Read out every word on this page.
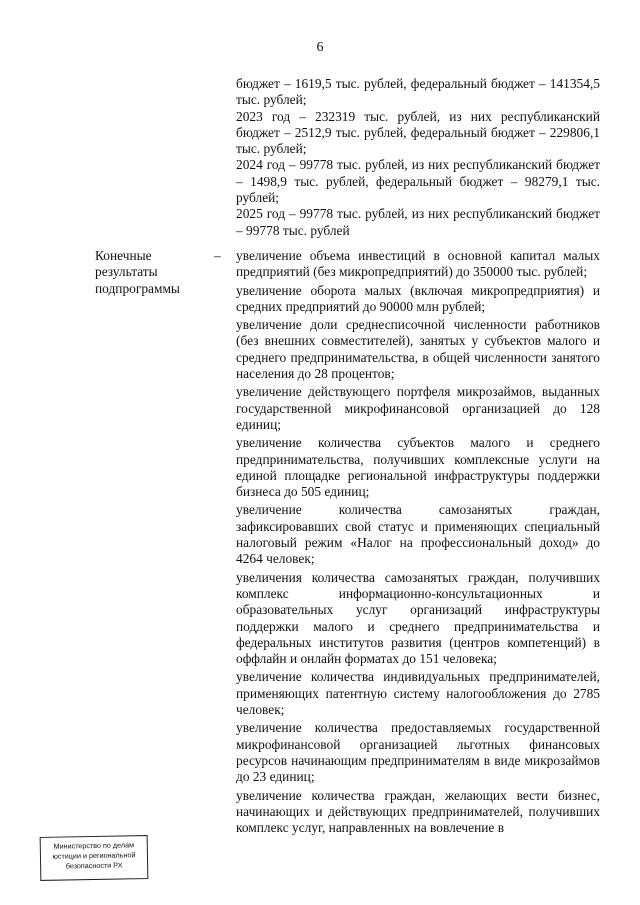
6
бюджет – 1619,5 тыс. рублей, федеральный бюджет – 141354,5 тыс. рублей;
2023 год – 232319 тыс. рублей, из них республиканский бюджет – 2512,9 тыс. рублей, федеральный бюджет – 229806,1 тыс. рублей;
2024 год – 99778 тыс. рублей, из них республиканский бюджет – 1498,9 тыс. рублей, федеральный бюджет – 98279,1 тыс. рублей;
2025 год – 99778 тыс. рублей, из них республиканский бюджет – 99778 тыс. рублей
Конечные
результаты
подпрограммы
– увеличение объема инвестиций в основной капитал малых предприятий (без микропредприятий) до 350000 тыс. рублей;

увеличение оборота малых (включая микропредприятия) и средних предприятий до 90000 млн рублей;

увеличение доли среднесписочной численности работников (без внешних совместителей), занятых у субъектов малого и среднего предпринимательства, в общей численности занятого населения до 28 процентов;

увеличение действующего портфеля микрозаймов, выданных государственной микрофинансовой организацией до 128 единиц;

увеличение количества субъектов малого и среднего предпринимательства, получивших комплексные услуги на единой площадке региональной инфраструктуры поддержки бизнеса до 505 единиц;

увеличение количества самозанятых граждан, зафиксировавших свой статус и применяющих специальный налоговый режим «Налог на профессиональный доход» до 4264 человек;

увеличения количества самозанятых граждан, получивших комплекс информационно-консультационных и образовательных услуг организаций инфраструктуры поддержки малого и среднего предпринимательства и федеральных институтов развития (центров компетенций) в оффлайн и онлайн форматах до 151 человека;

увеличение количества индивидуальных предпринимателей, применяющих патентную систему налогообложения до 2785 человек;

увеличение количества предоставляемых государственной микрофинансовой организацией льготных финансовых ресурсов начинающим предпринимателям в виде микрозаймов до 23 единиц;

увеличение количества граждан, желающих вести бизнес, начинающих и действующих предпринимателей, получивших комплекс услуг, направленных на вовлечение в

Министерство по делам
юстиции и региональной
безопасности РХ
